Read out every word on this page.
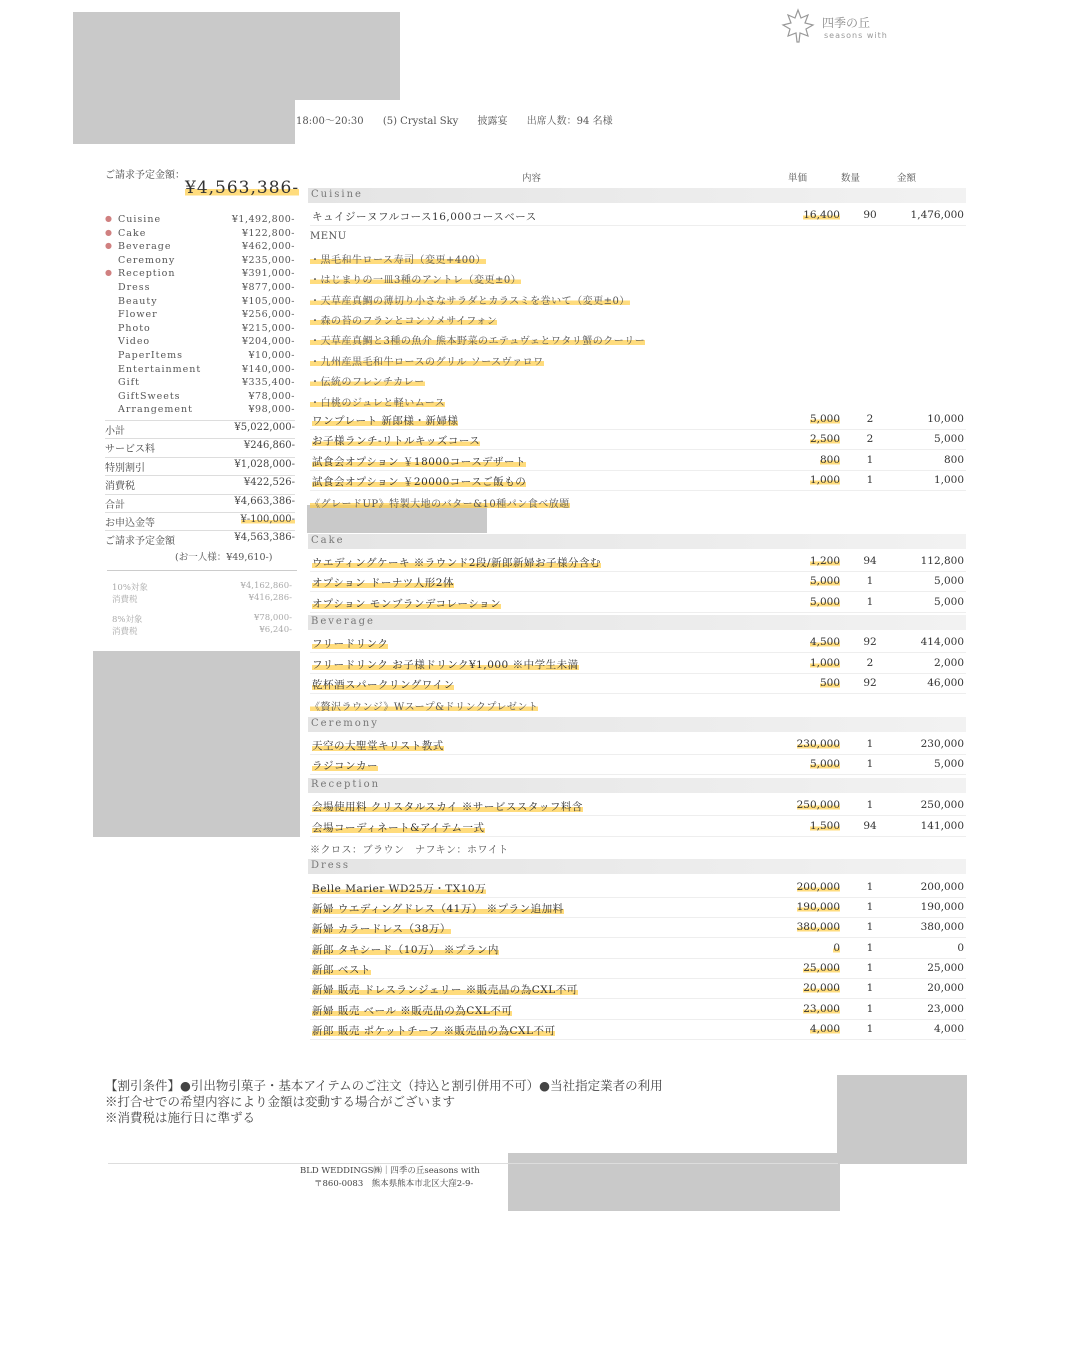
四季の丘
seasons with
18:00～20:30 (5) Crystal Sky 披露宴 出席人数：94 名様
ご請求予定金額：
¥4,563,386-
● Cuisine	¥1,492,800-
● Cake	¥122,800-
● Beverage	¥462,000-
Ceremony	¥235,000-
● Reception	¥391,000-
Dress	¥877,000-
Beauty	¥105,000-
Flower	¥256,000-
Photo	¥215,000-
Video	¥204,000-
PaperItems	¥10,000-
Entertainment	¥140,000-
Gift	¥335,400-
GiftSweets	¥78,000-
Arrangement	¥98,000-
小計	¥5,022,000-
サービス料	¥246,860-
特別割引	¥1,028,000-
消費税	¥422,526-
合計	¥4,663,386-
お申込金等	¥-100,000-
ご請求予定金額	¥4,563,386-
(お一人様：¥49,610-)
10%対象	¥4,162,860-
消費税	¥416,286-
8%対象	¥78,000-
消費税	¥6,240-
内容	単価	数量	金額
Cuisine
キュイジーヌフルコース16,000コースベース	16,400	90	1,476,000
MENU
・黒毛和牛ロース寿司（変更+400）
・はじまりの一皿3種のアントレ（変更±0）
・天草産真鯛の薄切り小さなサラダとカラスミを巻いて（変更±0）
・森の苔のフランとコンソメサイフォン
・天草産真鯛と3種の魚介 熊本野菜のエテュヴェとワタリ蟹のクーリー
・九州産黒毛和牛ロースのグリル ソースヴァロワ
・伝統のフレンチカレー
・白桃のジュレと軽いムース
ワンプレート 新郎様・新婦様	5,000	2	10,000
お子様ランチ-リトルキッズコース	2,500	2	5,000
試食会オプション ￥18000コースデザート	800	1	800
試食会オプション ￥20000コースご飯もの	1,000	1	1,000
《グレードUP》特製大地のバター&10種パン食べ放題
Cake
ウエディングケーキ ※ラウンド2段/新郎新婦お子様分含む	1,200	94	112,800
オプション ドーナツ人形2体	5,000	1	5,000
オプション モンブランデコレーション	5,000	1	5,000
Beverage
フリードリンク	4,500	92	414,000
フリードリンク お子様ドリンク¥1,000 ※中学生未満	1,000	2	2,000
乾杯酒スパークリングワイン	500	92	46,000
《贅沢ラウンジ》Wスープ&ドリンクプレゼント
Ceremony
天空の大聖堂キリスト教式	230,000	1	230,000
ラジコンカー	5,000	1	5,000
Reception
会場使用料 クリスタルスカイ ※サービススタッフ料含	250,000	1	250,000
会場コーディネート&アイテム一式	1,500	94	141,000
※クロス：ブラウン　ナフキン：ホワイト
Dress
Belle Marier WD25万・TX10万	200,000	1	200,000
新婦 ウエディングドレス（41万） ※プラン追加料	190,000	1	190,000
新婦 カラードレス（38万）	380,000	1	380,000
新郎 タキシード（10万） ※プラン内	0	1	0
新郎 ベスト	25,000	1	25,000
新婦 販売 ドレスランジェリー ※販売品の為CXL不可	20,000	1	20,000
新婦 販売 ベール ※販売品の為CXL不可	23,000	1	23,000
新郎 販売 ポケットチーフ ※販売品の為CXL不可	4,000	1	4,000
【割引条件】●引出物引菓子・基本アイテムのご注文（持込と割引併用不可）●当社指定業者の利用
※打合せでの希望内容により金額は変動する場合がございます
※消費税は施行日に準ずる
BLD WEDDINGS㈱｜四季の丘seasons with
〒860-0083　熊本県熊本市北区大窪2-9-
